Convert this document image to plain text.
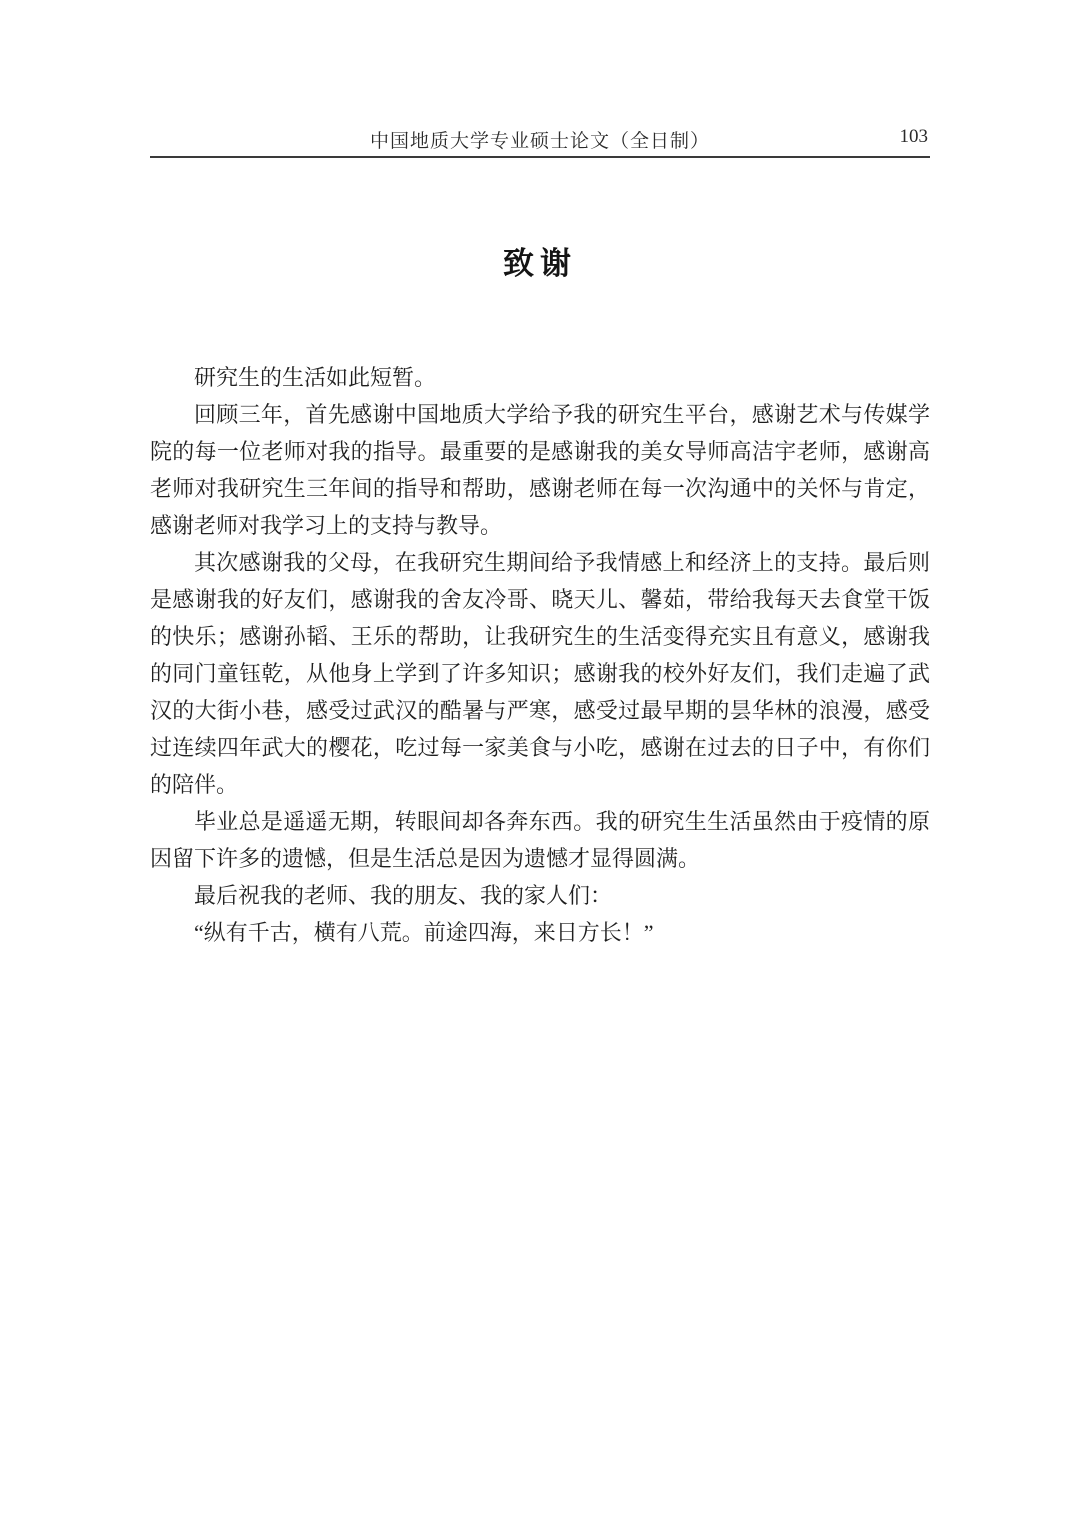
中国地质大学专业硕士论文（全日制）	103
致谢

研究生的生活如此短暂。

回顾三年，首先感谢中国地质大学给予我的研究生平台，感谢艺术与传媒学院的每一位老师对我的指导。最重要的是感谢我的美女导师高洁宇老师，感谢高老师对我研究生三年间的指导和帮助，感谢老师在每一次沟通中的关怀与肯定，感谢老师对我学习上的支持与教导。

其次感谢我的父母，在我研究生期间给予我情感上和经济上的支持。最后则是感谢我的好友们，感谢我的舍友冷哥、晓天儿、馨茹，带给我每天去食堂干饭的快乐；感谢孙韬、王乐的帮助，让我研究生的生活变得充实且有意义，感谢我的同门童钰乾，从他身上学到了许多知识；感谢我的校外好友们，我们走遍了武汉的大街小巷，感受过武汉的酷暑与严寒，感受过最早期的昙华林的浪漫，感受过连续四年武大的樱花，吃过每一家美食与小吃，感谢在过去的日子中，有你们的陪伴。

毕业总是遥遥无期，转眼间却各奔东西。我的研究生生活虽然由于疫情的原因留下许多的遗憾，但是生活总是因为遗憾才显得圆满。

最后祝我的老师、我的朋友、我的家人们：

“纵有千古，横有八荒。前途四海，来日方长！”
